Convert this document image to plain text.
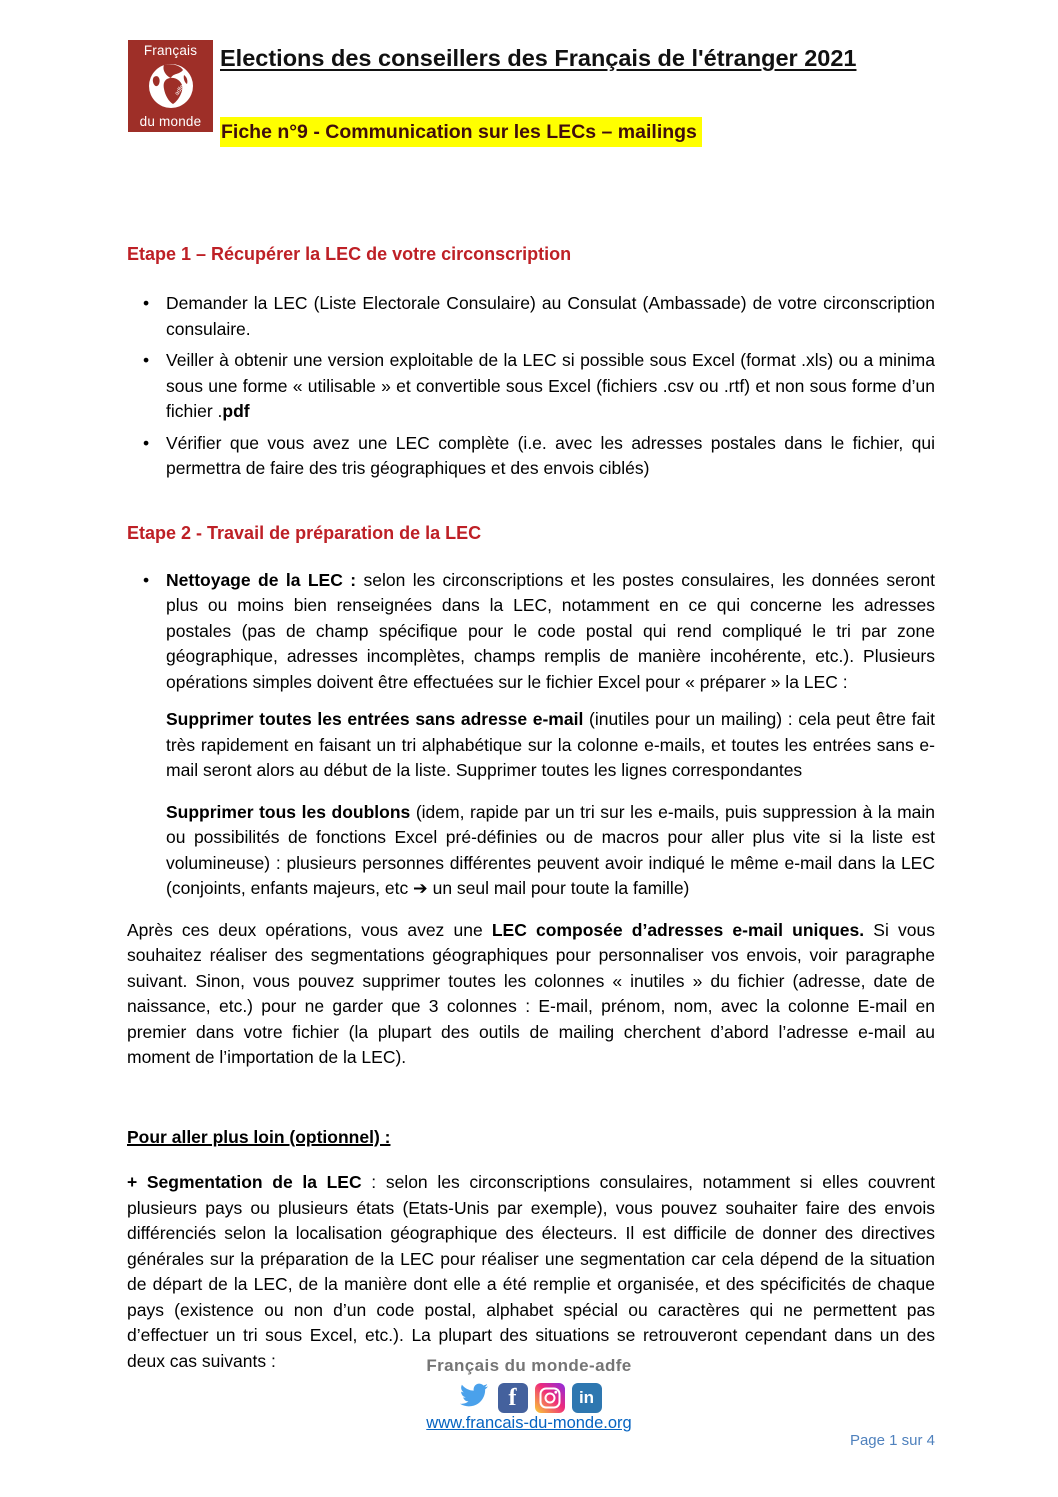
Français
adfe
du monde
Elections des conseillers des Français de l'étranger 2021

Fiche n°9 - Communication sur les LECs – mailings
Etape 1 – Récupérer la LEC de votre circonscription
• Demander la LEC (Liste Electorale Consulaire) au Consulat (Ambassade) de votre circonscription consulaire.
• Veiller à obtenir une version exploitable de la LEC si possible sous Excel (format .xls) ou a minima sous une forme « utilisable » et convertible sous Excel (fichiers .csv ou .rtf) et non sous forme d’un fichier .pdf
• Vérifier que vous avez une LEC complète (i.e. avec les adresses postales dans le fichier, qui permettra de faire des tris géographiques et des envois ciblés)
Etape 2 - Travail de préparation de la LEC
• Nettoyage de la LEC : selon les circonscriptions et les postes consulaires, les données seront plus ou moins bien renseignées dans la LEC, notamment en ce qui concerne les adresses postales (pas de champ spécifique pour le code postal qui rend compliqué le tri par zone géographique, adresses incomplètes, champs remplis de manière incohérente, etc.). Plusieurs opérations simples doivent être effectuées sur le fichier Excel pour « préparer » la LEC :

Supprimer toutes les entrées sans adresse e-mail (inutiles pour un mailing) : cela peut être fait très rapidement en faisant un tri alphabétique sur la colonne e-mails, et toutes les entrées sans e-mail seront alors au début de la liste. Supprimer toutes les lignes correspondantes

Supprimer tous les doublons (idem, rapide par un tri sur les e-mails, puis suppression à la main ou possibilités de fonctions Excel pré-définies ou de macros pour aller plus vite si la liste est volumineuse) : plusieurs personnes différentes peuvent avoir indiqué le même e-mail dans la LEC (conjoints, enfants majeurs, etc ➔ un seul mail pour toute la famille)

Après ces deux opérations, vous avez une LEC composée d’adresses e-mail uniques. Si vous souhaitez réaliser des segmentations géographiques pour personnaliser vos envois, voir paragraphe suivant. Sinon, vous pouvez supprimer toutes les colonnes « inutiles » du fichier (adresse, date de naissance, etc.) pour ne garder que 3 colonnes : E-mail, prénom, nom, avec la colonne E-mail en premier dans votre fichier (la plupart des outils de mailing cherchent d’abord l’adresse e-mail au moment de l’importation de la LEC).

Pour aller plus loin (optionnel) :

+ Segmentation de la LEC : selon les circonscriptions consulaires, notamment si elles couvrent plusieurs pays ou plusieurs états (Etats-Unis par exemple), vous pouvez souhaiter faire des envois différenciés selon la localisation géographique des électeurs. Il est difficile de donner des directives générales sur la préparation de la LEC pour réaliser une segmentation car cela dépend de la situation de départ de la LEC, de la manière dont elle a été remplie et organisée, et des spécificités de chaque pays (existence ou non d’un code postal, alphabet spécial ou caractères qui ne permettent pas d’effectuer un tri sous Excel, etc.). La plupart des situations se retrouveront cependant dans un des deux cas suivants :	Français du monde-adfe
f	in
www.francais-du-monde.org
Page 1 sur 4
